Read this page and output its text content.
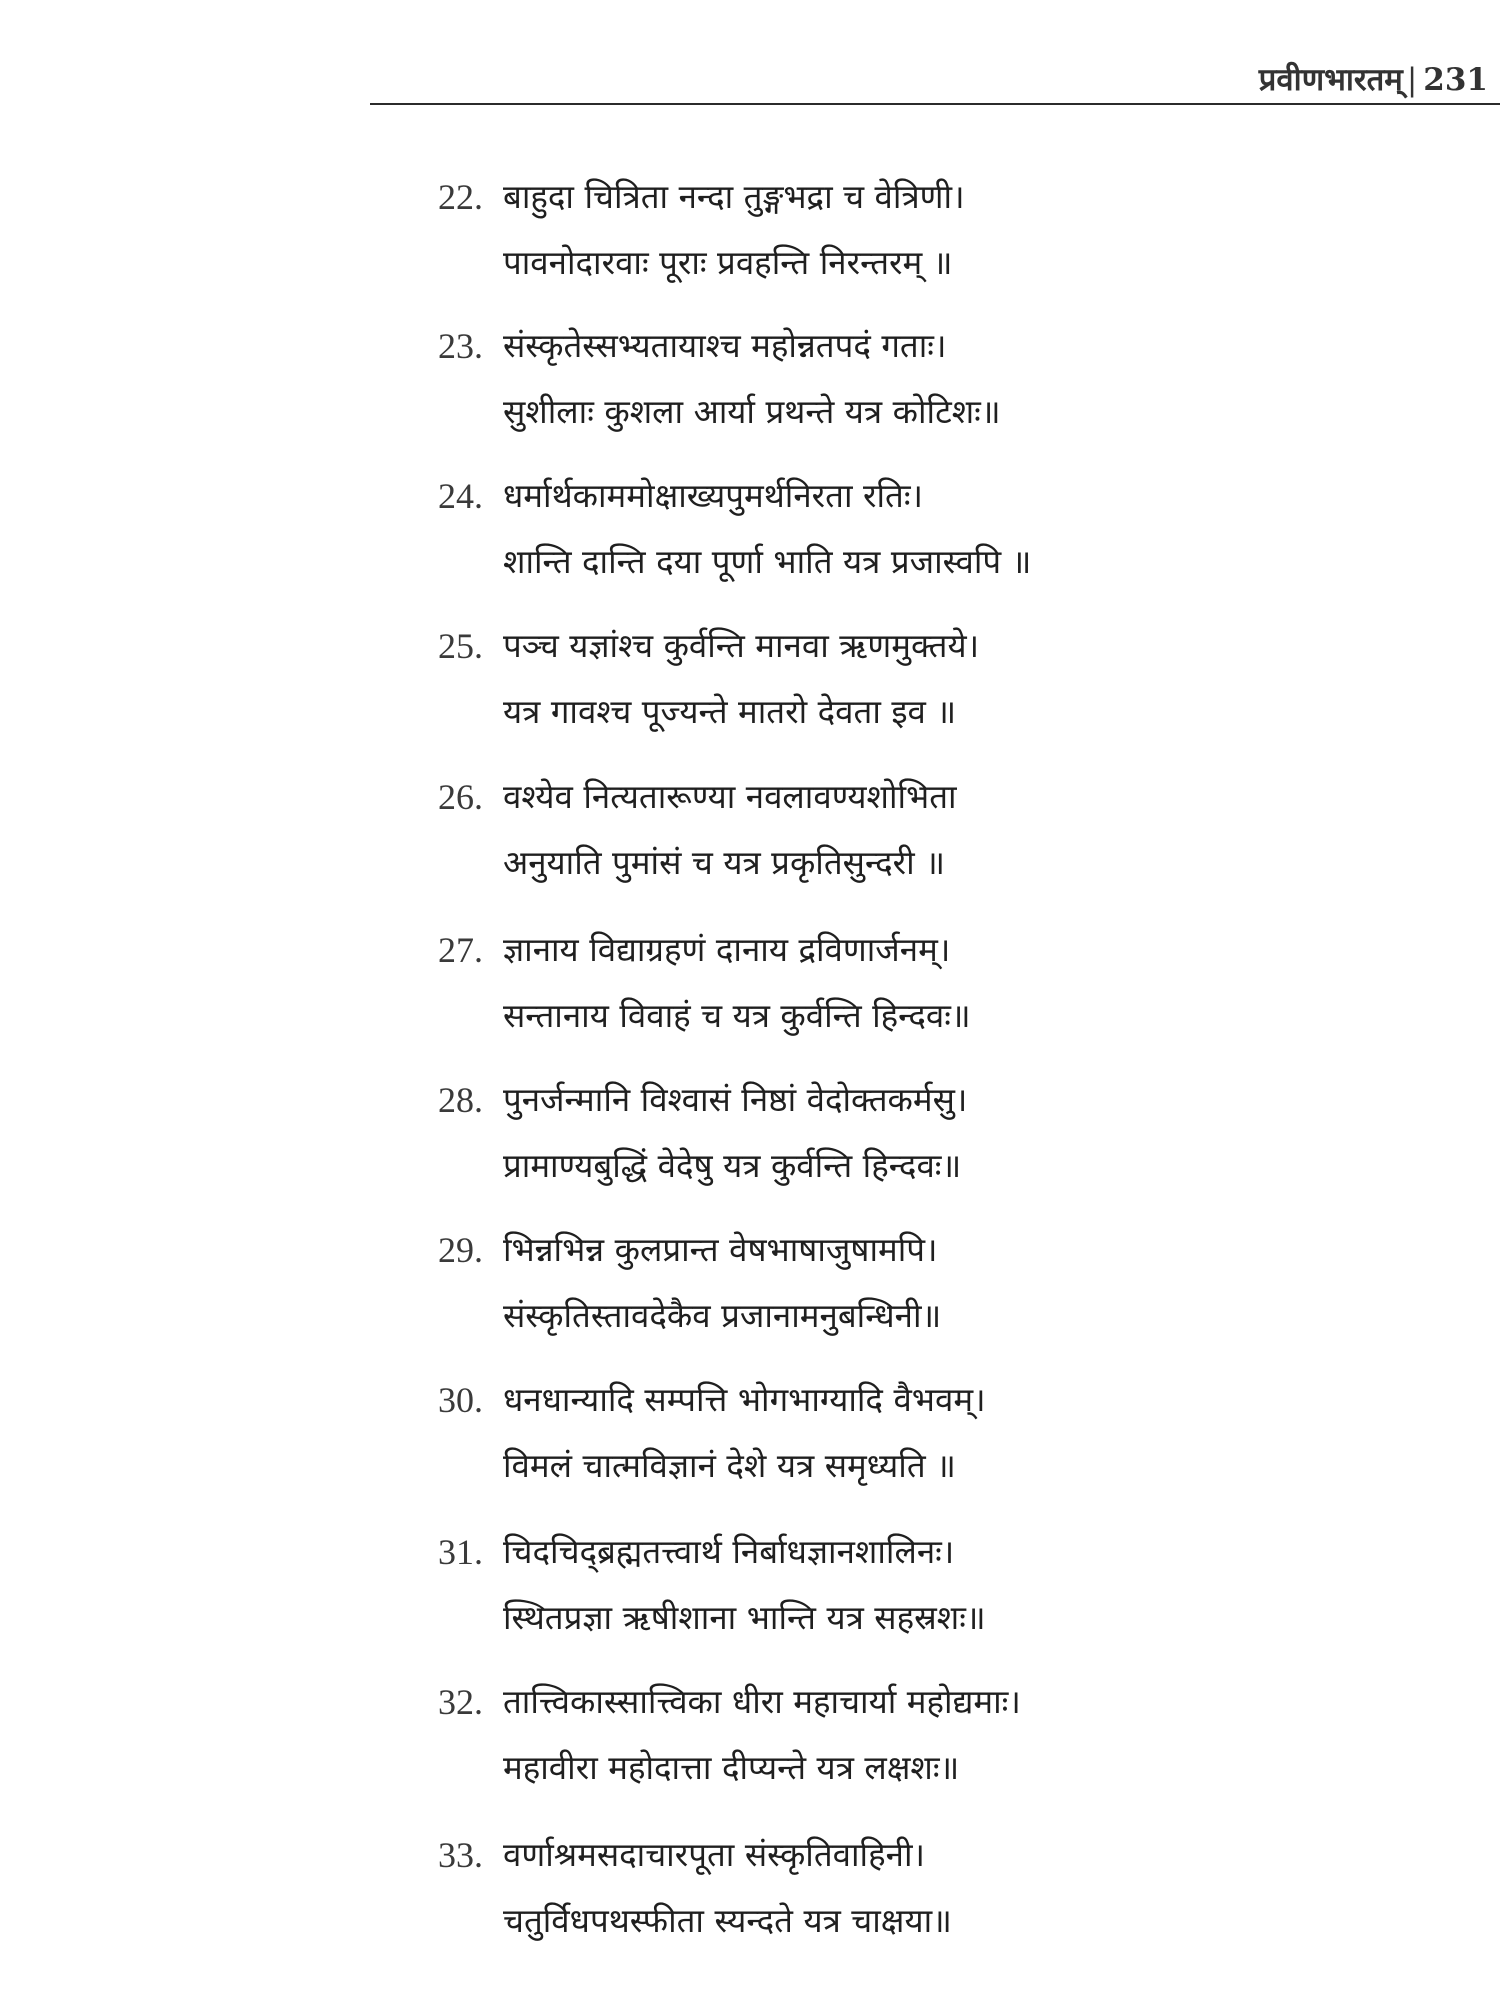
प्रवीणभारतम् | 231
22. बाहुदा चित्रिता नन्दा तुङ्गभद्रा च वेत्रिणी।
पावनोदारवाः पूराः प्रवहन्ति निरन्तरम् ॥
23. संस्कृतेस्सभ्यतायाश्च महोन्नतपदं गताः।
सुशीलाः कुशला आर्या प्रथन्ते यत्र कोटिशः॥
24. धर्मार्थकाममोक्षाख्यपुमर्थनिरता रतिः।
शान्ति दान्ति दया पूर्णा भाति यत्र प्रजास्वपि ॥
25. पञ्च यज्ञांश्च कुर्वन्ति मानवा ऋणमुक्तये।
यत्र गावश्च पूज्यन्ते मातरो देवता इव ॥
26. वश्येव नित्यतारूण्या नवलावण्यशोभिता
अनुयाति पुमांसं च यत्र प्रकृतिसुन्दरी ॥
27. ज्ञानाय विद्याग्रहणं दानाय द्रविणार्जनम्।
सन्तानाय विवाहं च यत्र कुर्वन्ति हिन्दवः॥
28. पुनर्जन्मानि विश्वासं निष्ठां वेदोक्तकर्मसु।
प्रामाण्यबुद्धिं वेदेषु यत्र कुर्वन्ति हिन्दवः॥
29. भिन्नभिन्न कुलप्रान्त वेषभाषाजुषामपि।
संस्कृतिस्तावदेकैव प्रजानामनुबन्धिनी॥
30. धनधान्यादि सम्पत्ति भोगभाग्यादि वैभवम्।
विमलं चात्मविज्ञानं देशे यत्र समृध्यति ॥
31. चिदचिद्ब्रह्मतत्त्वार्थ निर्बाधज्ञानशालिनः।
स्थितप्रज्ञा ऋषीशाना भान्ति यत्र सहस्रशः॥
32. तात्त्विकास्सात्त्विका धीरा महाचार्या महोद्यमाः।
महावीरा महोदात्ता दीप्यन्ते यत्र लक्षशः॥
33. वर्णाश्रमसदाचारपूता संस्कृतिवाहिनी।
चतुर्विधपथस्फीता स्यन्दते यत्र चाक्षया॥
